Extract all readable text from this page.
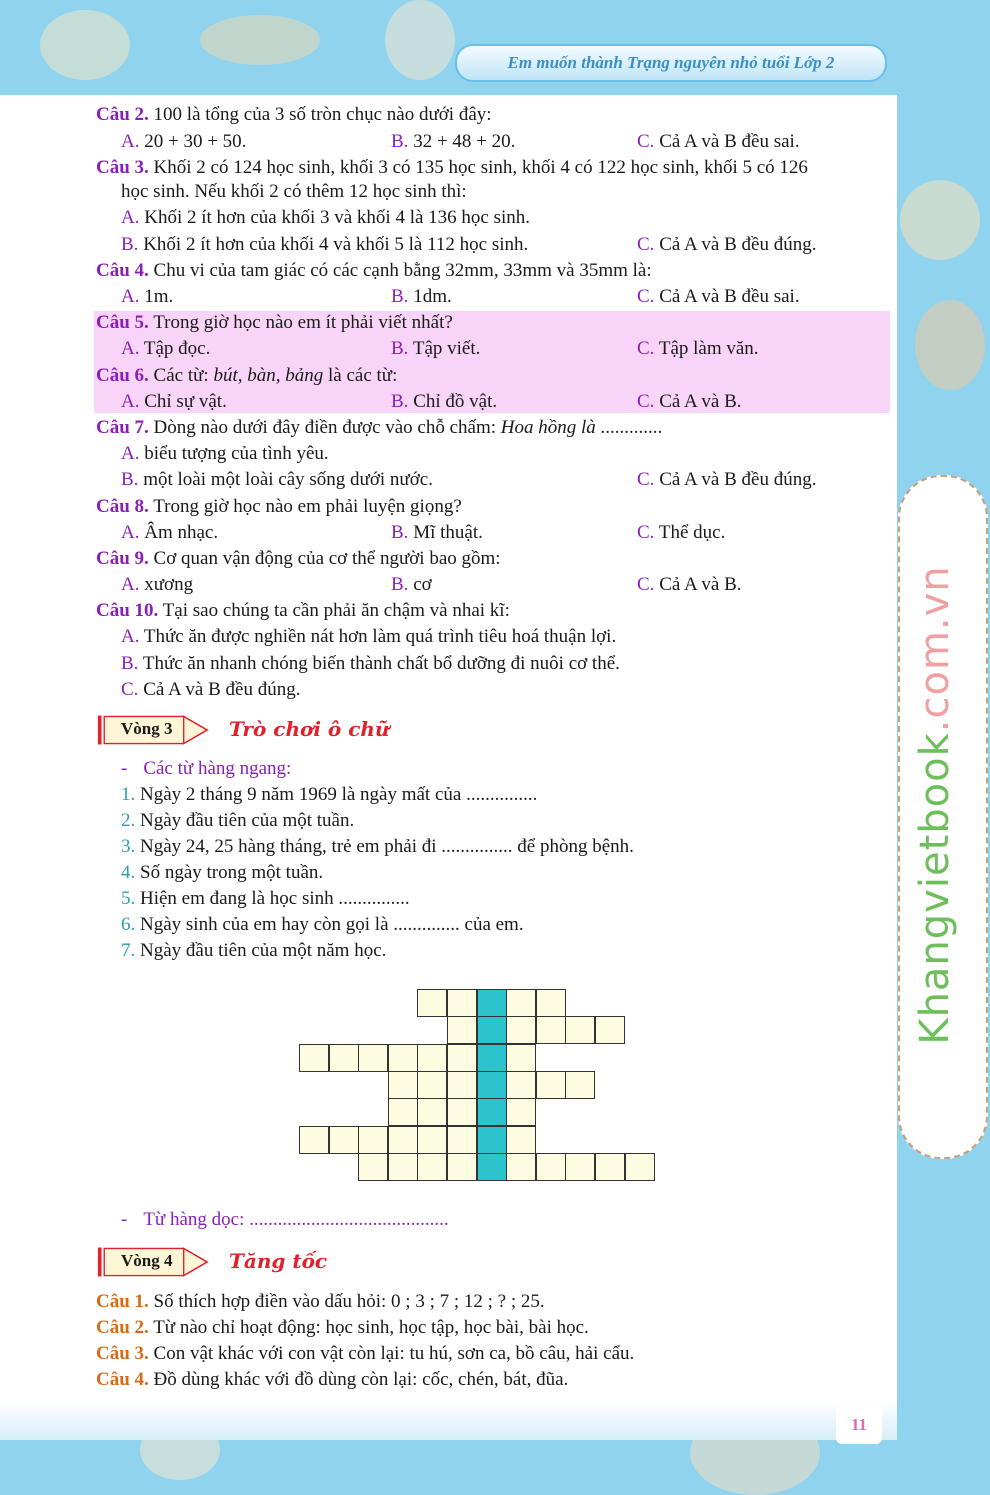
Em muốn thành Trạng nguyên nhỏ tuổi Lớp 2
Khangvietbook.com.vn
11
Câu 2. 100 là tổng của 3 số tròn chục nào dưới đây:
A. 20 + 30 + 50.	B. 32 + 48 + 20.	C. Cả A và B đều sai.
Câu 3. Khối 2 có 124 học sinh, khối 3 có 135 học sinh, khối 4 có 122 học sinh, khối 5 có 126
học sinh. Nếu khối 2 có thêm 12 học sinh thì:
A. Khối 2 ít hơn của khối 3 và khối 4 là 136 học sinh.
B. Khối 2 ít hơn của khối 4 và khối 5 là 112 học sinh.	C. Cả A và B đều đúng.
Câu 4. Chu vi của tam giác có các cạnh bằng 32mm, 33mm và 35mm là:
A. 1m.	B. 1dm.	C. Cả A và B đều sai.
Câu 5. Trong giờ học nào em ít phải viết nhất?
A. Tập đọc.	B. Tập viết.	C. Tập làm văn.
Câu 6. Các từ: bút, bàn, bảng là các từ:
A. Chỉ sự vật.	B. Chỉ đồ vật.	C. Cả A và B.
Câu 7. Dòng nào dưới đây điền được vào chỗ chấm: Hoa hồng là .............
A. biểu tượng của tình yêu.
B. một loài một loài cây sống dưới nước.	C. Cả A và B đều đúng.
Câu 8. Trong giờ học nào em phải luyện giọng?
A. Âm nhạc.	B. Mĩ thuật.	C. Thể dục.
Câu 9. Cơ quan vận động của cơ thể người bao gồm:
A. xương	B. cơ	C. Cả A và B.
Câu 10. Tại sao chúng ta cần phải ăn chậm và nhai kĩ:
A. Thức ăn được nghiền nát hơn làm quá trình tiêu hoá thuận lợi.
B. Thức ăn nhanh chóng biến thành chất bổ dưỡng đi nuôi cơ thể.
C. Cả A và B đều đúng.
Vòng 3	Trò chơi ô chữ
- Các từ hàng ngang:
1. Ngày 2 tháng 9 năm 1969 là ngày mất của ...............
2. Ngày đầu tiên của một tuần.
3. Ngày 24, 25 hàng tháng, trẻ em phải đi ............... để phòng bệnh.
4. Số ngày trong một tuần.
5. Hiện em đang là học sinh ...............
6. Ngày sinh của em hay còn gọi là .............. của em.
7. Ngày đầu tiên của một năm học.
- Từ hàng dọc: ..........................................
Vòng 4	Tăng tốc
Câu 1. Số thích hợp điền vào dấu hỏi: 0 ; 3 ; 7 ; 12 ; ? ; 25.
Câu 2. Từ nào chỉ hoạt động: học sinh, học tập, học bài, bài học.
Câu 3. Con vật khác với con vật còn lại: tu hú, sơn ca, bồ câu, hải cẩu.
Câu 4. Đồ dùng khác với đồ dùng còn lại: cốc, chén, bát, đũa.
